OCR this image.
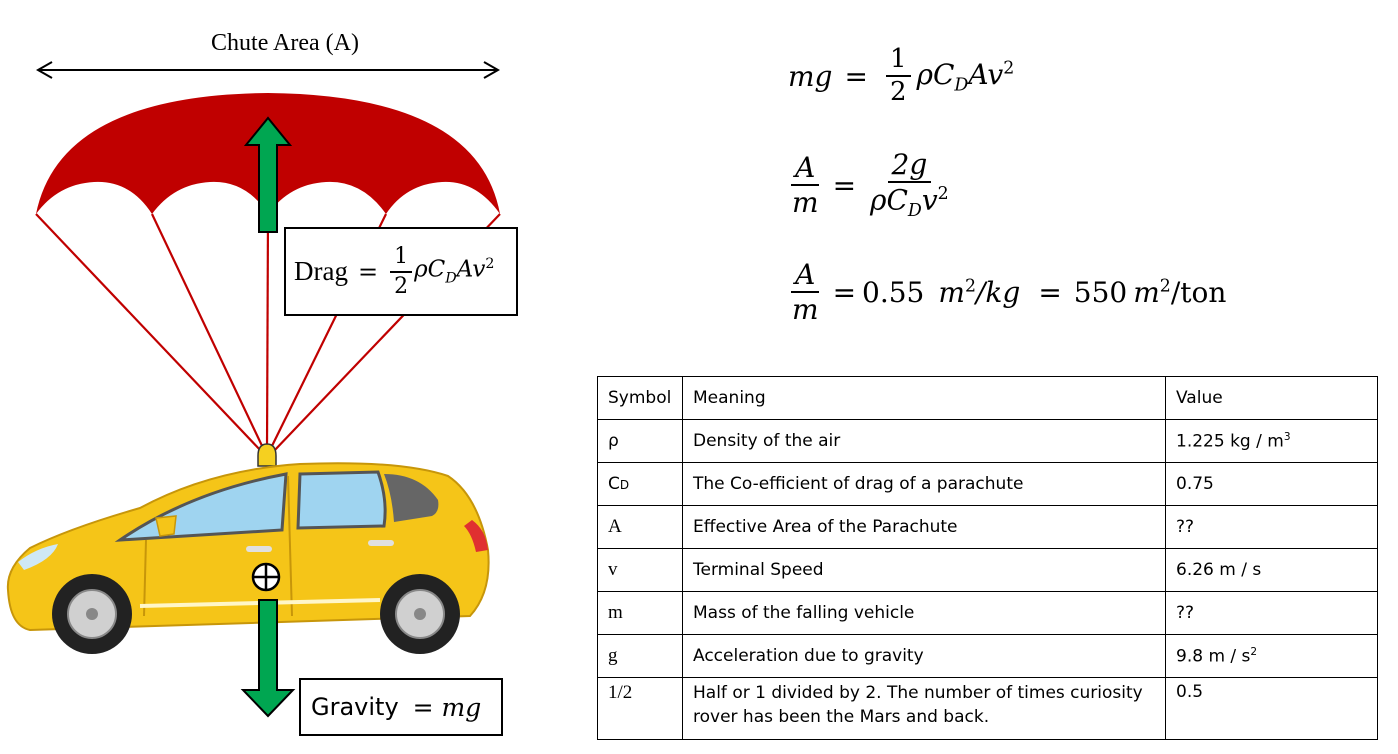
Chute Area (A)
Drag = $\frac{1}{2} \rho C_DAv^2$
Gravity = mg
mg = $\frac{1}{2} \rho C_DAv^2$
$\frac{A}{m} = \frac{2g}{\rho C_Dv^2}$
$\frac{A}{m} = 0.55$ $m^2/kg = 550$ $m^2$/ton
Symbol	Meaning	Value
ρ	Density of the air	1.225 kg / $m^3$
CD	The Co-efficient of drag of a parachute	0.75
A	Effective Area of the Parachute	??
v	Terminal Speed	6.26 m / s
m	Mass of the falling vehicle	??
g	Acceleration due to gravity	9.8 m / $s^2$
1/2	Half or 1 divided by 2. The number of times curiosity rover has been the Mars and back.	0.5
